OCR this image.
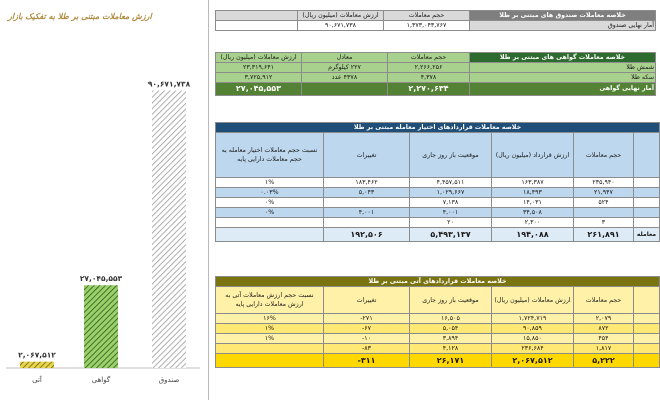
ارزش معاملات مبتنی بر طلا به تفکیک بازار
۲,۰۶۷,۵۱۲
آتی
۲۷,۰۴۵,۵۵۳
گواهی
۹۰,۶۷۱,۷۳۸
صندوق
خلاصه معاملات صندوق های مبتنی بر طلا	حجم معاملات	ارزش معاملات (میلیون ریال)	
آمار نهایی صندوق	۱,۳۷۳,۰۴۳,۷۶۷	۹۰,۶۷۱,۷۳۸	
خلاصه معاملات گواهی های مبتنی بر طلا	حجم معاملات	معادل	ارزش معاملات (میلیون ریال)
شمش طلا	۲,۲۶۶,۲۵۶	۲۲۷ کیلوگرم	۲۳,۳۱۹,۶۴۱
سکه طلا	۴,۳۷۸	۴۳۷۸ عدد	۳,۷۲۵,۹۱۲
آمار نهایی گواهی	۲,۲۷۰,۶۳۴		۲۷,۰۴۵,۵۵۳
خلاصه معاملات قراردادهای اختیار معامله مبتنی بر طلا					
	حجم معاملات	ارزش قرارداد (میلیون ریال)	موقعیت باز روز جاری	تغییرات	نسبت حجم معاملات اختیار معامله به حجم معاملات دارایی پایه
	۲۳۵,۹۴۰	۱۶۳,۳۸۷	۴,۴۵۷,۵۱۱	۱۸۳,۴۶۲	۱%
	۲۱,۹۴۷	۱۸,۴۹۳	۱,۰۲۹,۶۶۷	۵,۰۴۳	۰.۰۳%
	۵۲۴	۱۴,۰۳۱	۷,۱۳۸		۰%
		۳۴,۵۰۸	۴,۰۰۱	۴,۰۰۱	۰%
	۳	۲,۳۰۰	۲۰		
معامله	۲۶۱,۸۹۱	۱۹۴,۰۸۸	۵,۴۹۳,۱۳۷	۱۹۲,۵۰۶	
خلاصه معاملات قراردادهای آتی مبتنی بر طلا					
	حجم معاملات	ارزش معاملات (میلیون ریال)	موقعیت باز روز جاری	تغییرات	نسبت حجم ارزش معاملات آتی به ارزش معاملات دارایی پایه
	۲,۰۷۹	۱,۷۲۴,۷۱۹	۱۶,۵۰۵	-۲۷۱	۱۶%
	۸۷۲	۹۰,۸۵۹	۵,۰۵۴	-۶۷	۱%
	۴۵۴	۱۵,۸۵۰	۳,۸۹۴	-۱۰	۱%
	۱,۸۱۷	۲۳۶,۶۸۴	۴,۱۲۸	-۸۳	
	۵,۲۲۲	۲,۰۶۷,۵۱۲	۲۶,۱۷۱	-۳۱۱	
